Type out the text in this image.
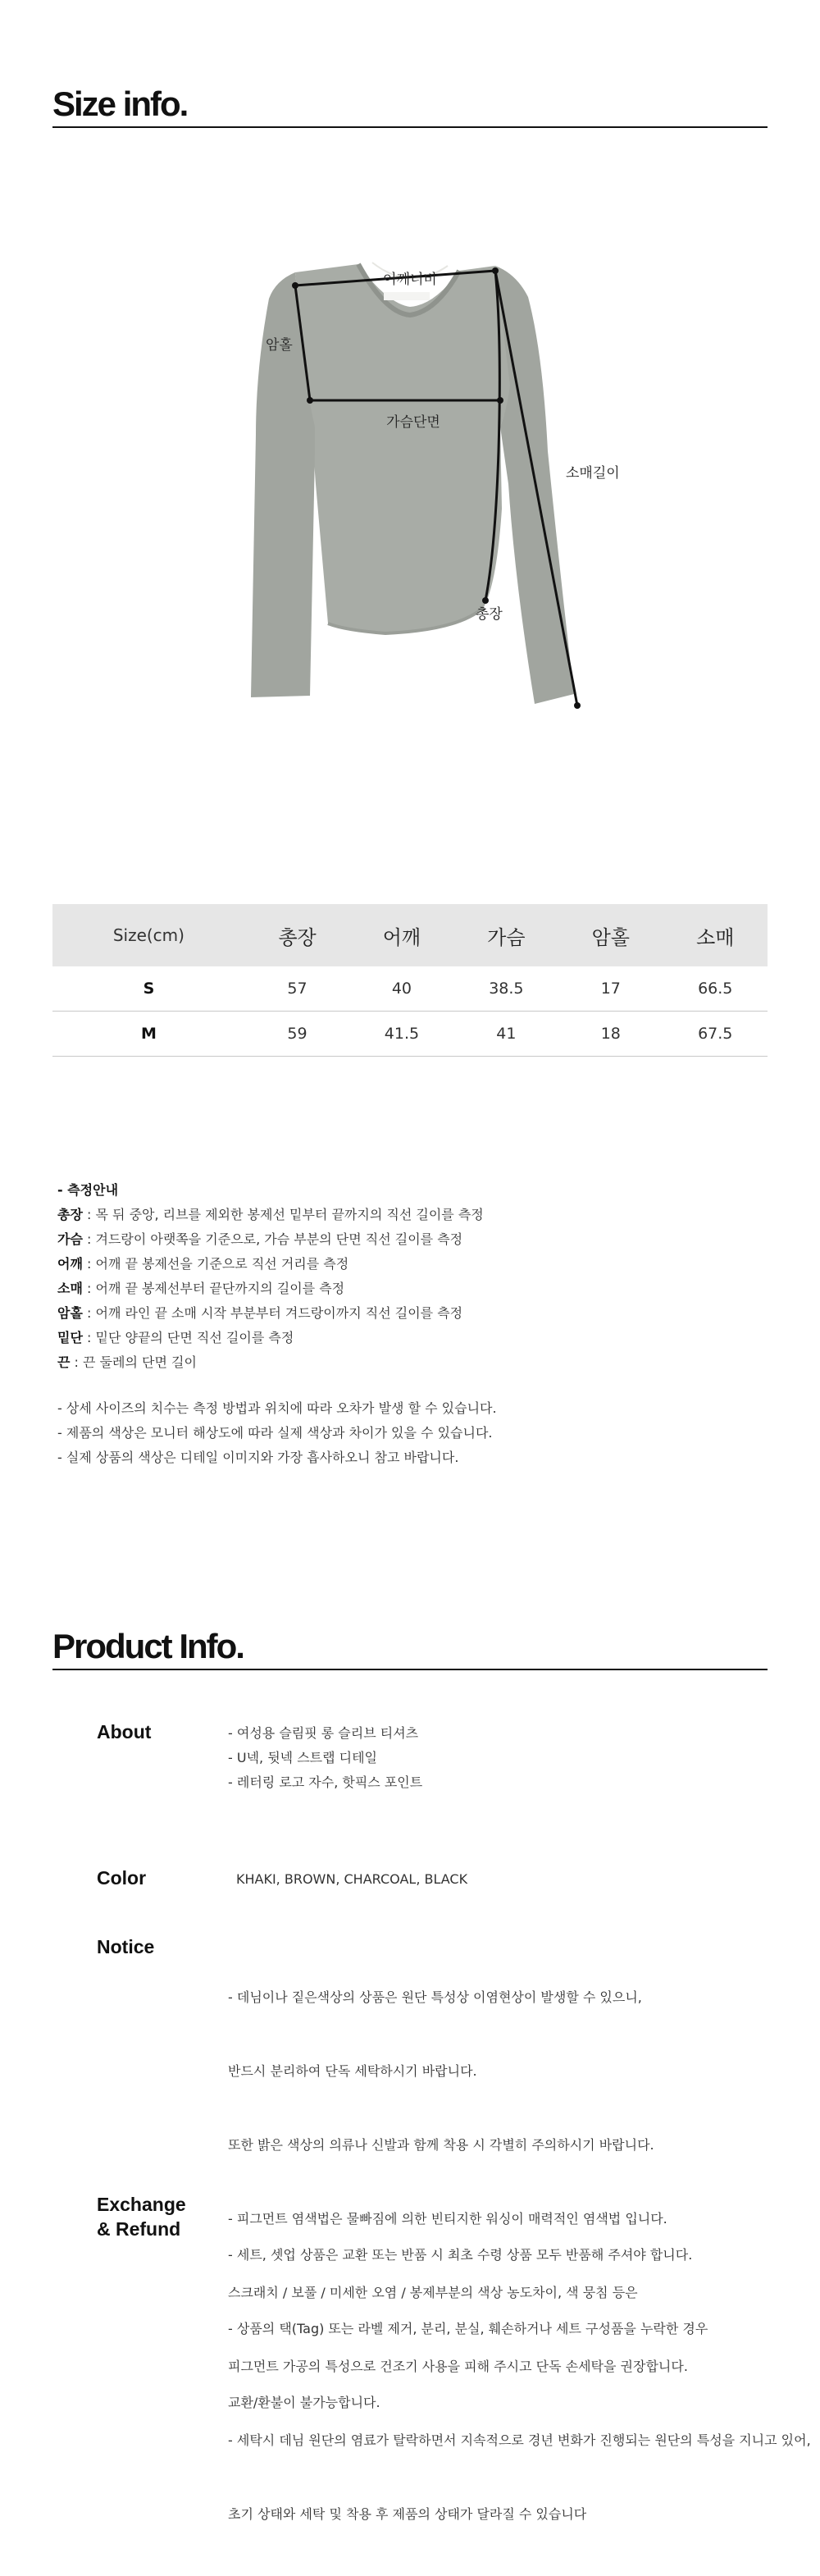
Size info.
어깨너비
암홀
가슴단면
소매길이
총장
Size(cm)	총장	어깨	가슴	암홀	소매
S	57	40	38.5	17	66.5
M	59	41.5	41	18	67.5
- 측정안내
총장 : 목 뒤 중앙, 리브를 제외한 봉제선 밑부터 끝까지의 직선 길이를 측정
가슴 : 겨드랑이 아랫쪽을 기준으로, 가슴 부분의 단면 직선 길이를 측정
어깨 : 어깨 끝 봉제선을 기준으로 직선 거리를 측정
소매 : 어깨 끝 봉제선부터 끝단까지의 길이를 측정
암홀 : 어깨 라인 끝 소매 시작 부분부터 겨드랑이까지 직선 길이를 측정
밑단 : 밑단 양끝의 단면 직선 길이를 측정
끈 : 끈 둘레의 단면 길이
- 상세 사이즈의 치수는 측정 방법과 위치에 따라 오차가 발생 할 수 있습니다.
- 제품의 색상은 모니터 해상도에 따라 실제 색상과 차이가 있을 수 있습니다.
- 실제 상품의 색상은 디테일 이미지와 가장 흡사하오니 참고 바랍니다.
Product Info.
About	- 여성용 슬림핏 롱 슬리브 티셔츠
- U넥, 뒷넥 스트랩 디테일
- 레터링 로고 자수, 핫픽스 포인트
Color	KHAKI, BROWN, CHARCOAL, BLACK
Notice

- 데님이나 짙은색상의 상품은 원단 특성상 이염현상이 발생할 수 있으니,

반드시 분리하여 단독 세탁하시기 바랍니다.

또한 밝은 색상의 의류나 신발과 함께 착용 시 각별히 주의하시기 바랍니다.

- 피그먼트 염색법은 물빠짐에 의한 빈티지한 워싱이 매력적인 염색법 입니다.

스크래치 / 보풀 / 미세한 오염 / 봉제부분의 색상 농도차이, 색 뭉침 등은

피그먼트 가공의 특성으로 건조기 사용을 피해 주시고 단독 손세탁을 권장합니다.

- 세탁시 데님 원단의 염료가 탈락하면서 지속적으로 경년 변화가 진행되는 원단의 특성을 지니고 있어,

초기 상태와 세탁 및 착용 후 제품의 상태가 달라질 수 있습니다

Exchange
& Refund

- 세트, 셋업 상품은 교환 또는 반품 시 최초 수령 상품 모두 반품해 주셔야 합니다.

- 상품의 택(Tag) 또는 라벨 제거, 분리, 분실, 훼손하거나 세트 구성품을 누락한 경우

교환/환불이 불가능합니다.
